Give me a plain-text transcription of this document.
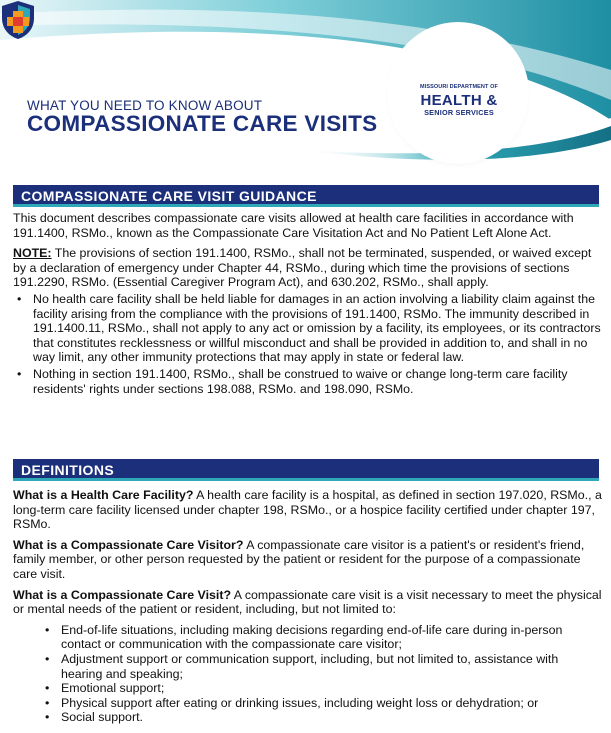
WHAT YOU NEED TO KNOW ABOUT
COMPASSIONATE CARE VISITS
MISSOURI DEPARTMENT OF
HEALTH &
SENIOR SERVICES
COMPASSIONATE CARE VISIT GUIDANCE

This document describes compassionate care visits allowed at health care facilities in accordance with 191.1400, RSMo., known as the Compassionate Care Visitation Act and No Patient Left Alone Act.

NOTE: The provisions of section 191.1400, RSMo., shall not be terminated, suspended, or waived except by a declaration of emergency under Chapter 44, RSMo., during which time the provisions of sections 191.2290, RSMo. (Essential Caregiver Program Act), and 630.202, RSMo., shall apply.

• No health care facility shall be held liable for damages in an action involving a liability claim against the facility arising from the compliance with the provisions of 191.1400, RSMo. The immunity described in 191.1400.11, RSMo., shall not apply to any act or omission by a facility, its employees, or its contractors that constitutes recklessness or willful misconduct and shall be provided in addition to, and shall in no way limit, any other immunity protections that may apply in state or federal law.
• Nothing in section 191.1400, RSMo., shall be construed to waive or change long-term care facility residents' rights under sections 198.088, RSMo. and 198.090, RSMo.
DEFINITIONS

What is a Health Care Facility? A health care facility is a hospital, as defined in section 197.020, RSMo., a long-term care facility licensed under chapter 198, RSMo., or a hospice facility certified under chapter 197, RSMo.

What is a Compassionate Care Visitor? A compassionate care visitor is a patient's or resident's friend, family member, or other person requested by the patient or resident for the purpose of a compassionate care visit.

What is a Compassionate Care Visit? A compassionate care visit is a visit necessary to meet the physical or mental needs of the patient or resident, including, but not limited to:

• End-of-life situations, including making decisions regarding end-of-life care during in-person contact or communication with the compassionate care visitor;
• Adjustment support or communication support, including, but not limited to, assistance with hearing and speaking;
• Emotional support;
• Physical support after eating or drinking issues, including weight loss or dehydration; or
• Social support.
